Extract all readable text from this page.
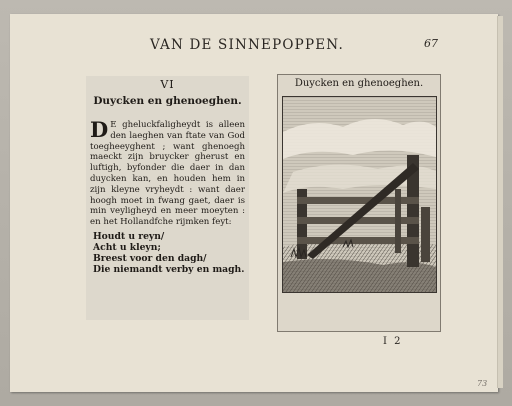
VAN DE SINNEPOPPEN.	67
VI
Duycken en ghenoeghen.
D E gheluckfaligheydt is alleen den laeghen van ftate van God toegheeyghent ; want ghenoegh maeckt zijn bruycker gherust en luftigh, byfonder die daer in dan duycken kan, en houden hem in zijn kleyne vryheydt : want daer hoogh moet in fwang gaet, daer is min veyligheyd en meer moeyten : en het Hollandfche rijmken feyt:
Houdt u reyn/
Acht u kleyn;
Breest voor den dagh/
Die niemandt verby en magh.
Duycken en ghenoeghen.
I 2
73
